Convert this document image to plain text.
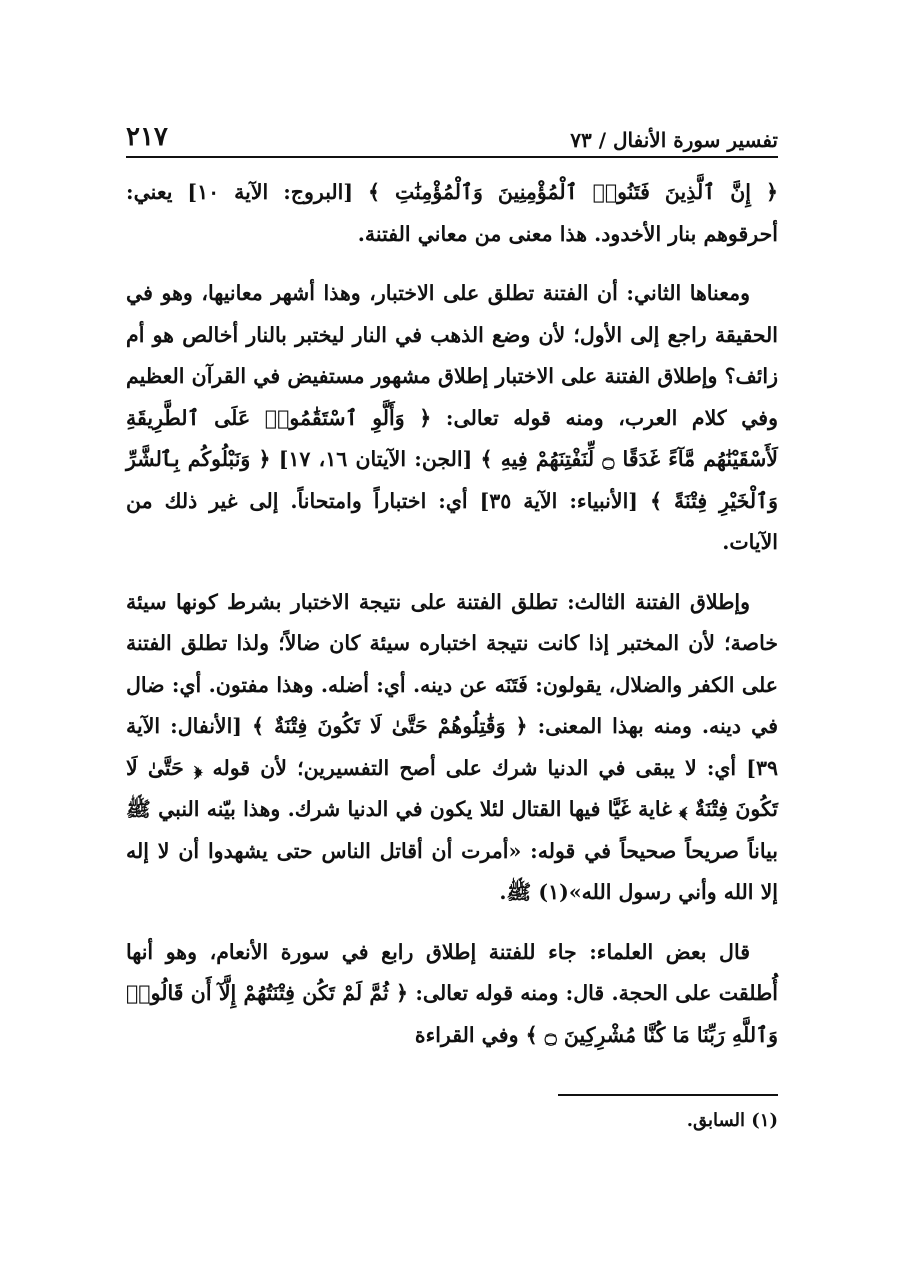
تفسير سورة الأنفال / ٧٣
٢١٧

﴿ إِنَّ ٱلَّذِينَ فَتَنُوا۟ ٱلْمُؤْمِنِينَ وَٱلْمُؤْمِنَٰتِ ﴾ [البروج: الآية ١٠] يعني: أحرقوهم بنار الأخدود. هذا معنى من معاني الفتنة.

ومعناها الثاني: أن الفتنة تطلق على الاختبار، وهذا أشهر معانيها، وهو في الحقيقة راجع إلى الأول؛ لأن وضع الذهب في النار ليختبر بالنار أخالص هو أم زائف؟ وإطلاق الفتنة على الاختبار إطلاق مشهور مستفيض في القرآن العظيم وفي كلام العرب، ومنه قوله تعالى: ﴿ وَأَلَّوِ ٱسْتَقَٰمُوا۟ عَلَى ٱلطَّرِيقَةِ لَأَسْقَيْنَٰهُم مَّآءً غَدَقًا ۝ لِّنَفْتِنَهُمْ فِيهِ ﴾ [الجن: الآيتان ١٦، ١٧] ﴿ وَنَبْلُوكُم بِٱلشَّرِّ وَٱلْخَيْرِ فِتْنَةً ﴾ [الأنبياء: الآية ٣٥] أي: اختباراً وامتحاناً. إلى غير ذلك من الآيات.

وإطلاق الفتنة الثالث: تطلق الفتنة على نتيجة الاختبار بشرط كونها سيئة خاصة؛ لأن المختبر إذا كانت نتيجة اختباره سيئة كان ضالاً؛ ولذا تطلق الفتنة على الكفر والضلال، يقولون: فَتَنَه عن دينه. أي: أضله. وهذا مفتون. أي: ضال في دينه. ومنه بهذا المعنى: ﴿ وَقَٰتِلُوهُمْ حَتَّىٰ لَا تَكُونَ فِتْنَةٌ ﴾ [الأنفال: الآية ٣٩] أي: لا يبقى في الدنيا شرك على أصح التفسيرين؛ لأن قوله ﴿ حَتَّىٰ لَا تَكُونَ فِتْنَةٌ ﴾ غاية غَيَّا فيها القتال لئلا يكون في الدنيا شرك. وهذا بيّنه النبي ﷺ بياناً صريحاً صحيحاً في قوله: «أمرت أن أقاتل الناس حتى يشهدوا أن لا إله إلا الله وأني رسول الله»(١) ﷺ.

قال بعض العلماء: جاء للفتنة إطلاق رابع في سورة الأنعام، وهو أنها أُطلقت على الحجة. قال: ومنه قوله تعالى: ﴿ ثُمَّ لَمْ تَكُن فِتْنَتُهُمْ إِلَّآ أَن قَالُوا۟ وَٱللَّهِ رَبِّنَا مَا كُنَّا مُشْرِكِينَ ۝ ﴾ وفي القراءة

(١) السابق.
